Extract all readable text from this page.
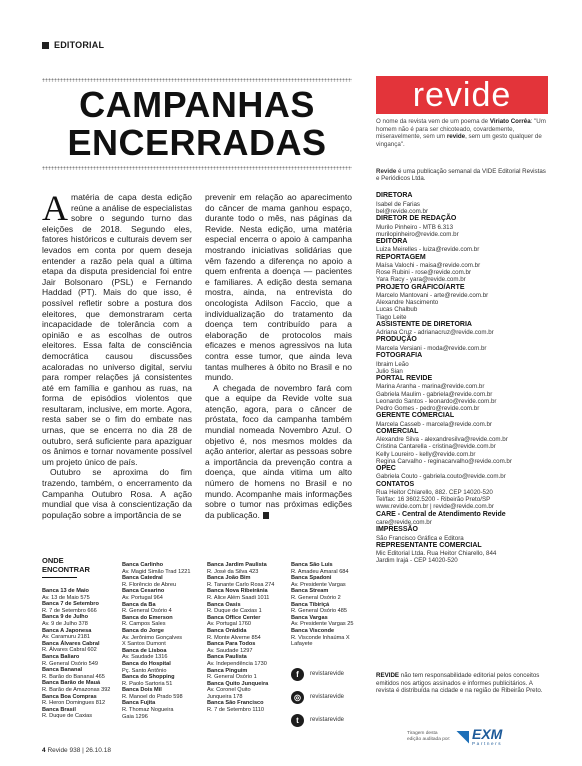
EDITORIAL
CAMPANHAS
ENCERRADAS

Amatéria de capa desta edição reúne a análise de especialistas sobre o segundo turno das eleições de 2018. Segundo eles, fatores históricos e culturais devem ser levados em conta por quem deseja entender a razão pela qual a última etapa da disputa presidencial foi entre Jair Bolsonaro (PSL) e Fernando Haddad (PT). Mais do que isso, é possível refletir sobre a postura dos eleitores, que demonstraram certa incapacidade de tolerância com a opinião e as escolhas de outros eleitores. Essa falta de consciência democrática causou discussões acaloradas no universo digital, serviu para romper relações já consistentes até em família e ganhou as ruas, na forma de episódios violentos que resultaram, inclusive, em morte. Agora, resta saber se o fim do embate nas urnas, que se encerra no dia 28 de outubro, será suficiente para apaziguar os ânimos e tornar novamente possível um projeto único de país.

Outubro se aproxima do fim trazendo, também, o encerramento da Campanha Outubro Rosa. A ação mundial que visa à conscientização da população sobre a importância de se

prevenir em relação ao aparecimento do câncer de mama ganhou espaço, durante todo o mês, nas páginas da Revide. Nesta edição, uma matéria especial encerra o apoio à campanha mostrando iniciativas solidárias que vêm fazendo a diferença no apoio a quem enfrenta a doença — pacientes e familiares. A edição desta semana mostra, ainda, na entrevista do oncologista Adilson Faccio, que a individualização do tratamento da doença tem contribuído para a elaboração de protocolos mais eficazes e menos agressivos na luta contra esse tumor, que ainda leva tantas mulheres à óbito no Brasil e no mundo.

A chegada de novembro fará com que a equipe da Revide volte sua atenção, agora, para o câncer de próstata, foco da campanha também mundial nomeada Novembro Azul. O objetivo é, nos mesmos moldes da ação anterior, alertar as pessoas sobre a importância da prevenção contra a doença, que ainda vitima um alto número de homens no Brasil e no mundo. Acompanhe mais informações sobre o tumor nas próximas edições da publicação.

ONDE
ENCONTRAR
Banca 13 de Maio
Av. 13 de Maio 575
Banca 7 de Setembro
R. 7 de Setembro 666
Banca 9 de Julho
Av. 9 de Julho 378
Banca A Japonesa
Av. Caramuru 2181
Banca Álvares Cabral
R. Álvares Cabral 602
Banca Baliaro
R. General Osório 549
Banca Bananal
R. Barão do Bananal 465
Banca Barão de Mauá
R. Barão de Amazonas 392
Banca Boa Compras
R. Heron Domingues 812
Banca Brasil
R. Duque de Caxias
Banca Carlinho
Av. Magid Simão Trad 1221
Banca Catedral
R. Florêncio de Abreu
Banca Cesarino
Av. Portugal 964
Banca da Ba
R. General Osório 4
Banca do Emerson
R. Campos Sales
Banca do Jorge
Av. Jerônimo Gonçalves
X Santos Dumont
Banca de Lisboa
Av. Saudade 1316
Banca do Hospital
Pç. Santo Antônio
Banca do Shopping
R. Paolo Sartoria 51
Banca Dois Mil
R. Manoel do Prado 598
Banca Fujita
R. Thomaz Nogueira
Gaia 1296
Banca Jardim Paulista
R. José da Silva 423
Banca João Bim
R. Tanante Carlo Rosa 274
Banca Nova Ribeirânia
R. Alice Além Saadi 1011
Banca Oasis
R. Duque de Caxias 1
Banca Office Center
Av. Portugal 1760
Banca Orádida
R. Monte Alverne 854
Banca Para Todos
Av. Saudade 1297
Banca Paulista
Av. Independência 1730
Banca Pinguim
R. General Osório 1
Banca Quito Junqueira
Av. Coronel Quito
Junqueira 178
Banca São Francisco
R. 7 de Setembro 1110
Banca São Luis
R. Amadeu Amaral 684
Banca Spadoni
Av. Presidente Vargas
Banca Stream
R. General Osório 2
Banca Tibiriçá
R. General Osório 485
Banca Vargas
Av. Presidente Vargas 25
Banca Visconde
R. Visconde Inhaúma X
Lafayete
f	revistarevide
◎	revistarevide
t	revistarevide
revide
O nome da revista vem de um poema de Viriato Corrêa: "Um homem não é para ser chicoteado, covardemente, miseravelmente, sem um revide, sem um gesto qualquer de vingança".
Revide é uma publicação semanal da VIDE Editorial Revistas e Periódicos Ltda.
DIRETORA
Isabel de Farias
bel@revide.com.br
DIRETOR DE REDAÇÃO
Murilo Pinheiro - MTB 6.313
murilopinheiro@revide.com.br
EDITORA
Luiza Meirelles - luiza@revide.com.br
REPORTAGEM
Maísa Valochi - maisa@revide.com.br
Rose Rubini - rose@revide.com.br
Yara Racy - yara@revide.com.br
PROJETO GRÁFICO/ARTE
Marcelo Mantovani - arte@revide.com.br
Alexandre Nascimento
Lucas Chalbub
Tiago Leite
ASSISTENTE DE DIRETORIA
Adriana Cruz - adrianacruz@revide.com.br
PRODUÇÃO
Marcela Versiani - moda@revide.com.br
FOTOGRAFIA
Ibraim Leão
Julio Sian
PORTAL REVIDE
Marina Aranha - marina@revide.com.br
Gabriela Maulim - gabriela@revide.com.br
Leonardo Santos - leonardo@revide.com.br
Pedro Gomes - pedro@revide.com.br
GERENTE COMERCIAL
Marcela Casseb - marcela@revide.com.br
COMERCIAL
Alexandre Silva - alexandresilva@revide.com.br
Cristina Cantarella - cristina@revide.com.br
Kelly Loureiro - kelly@revide.com.br
Regina Carvalho - reginacarvalho@revide.com.br
OPEC
Gabriela Couto - gabriela.couto@revide.com.br
CONTATOS
Rua Heitor Chiarello, 882. CEP 14020-520
Tel/fax: 16 3602.5200 - Ribeirão Preto/SP
www.revide.com.br | revide@revide.com.br
CARE - Central de Atendimento Revide
care@revide.com.br
IMPRESSÃO
São Francisco Gráfica e Editora
REPRESENTANTE COMERCIAL
Mic Editorial Ltda. Rua Heitor Chiarello, 844
Jardim Irajá - CEP 14020-520
REVIDE não tem responsabilidade editorial pelos conceitos emitidos nos artigos assinados e informes publicitários. A revista é distribuída na cidade e na região de Ribeirão Preto.
Tiragem desta edição auditada por: EXM
Partners
4 Revide 938 | 26.10.18
